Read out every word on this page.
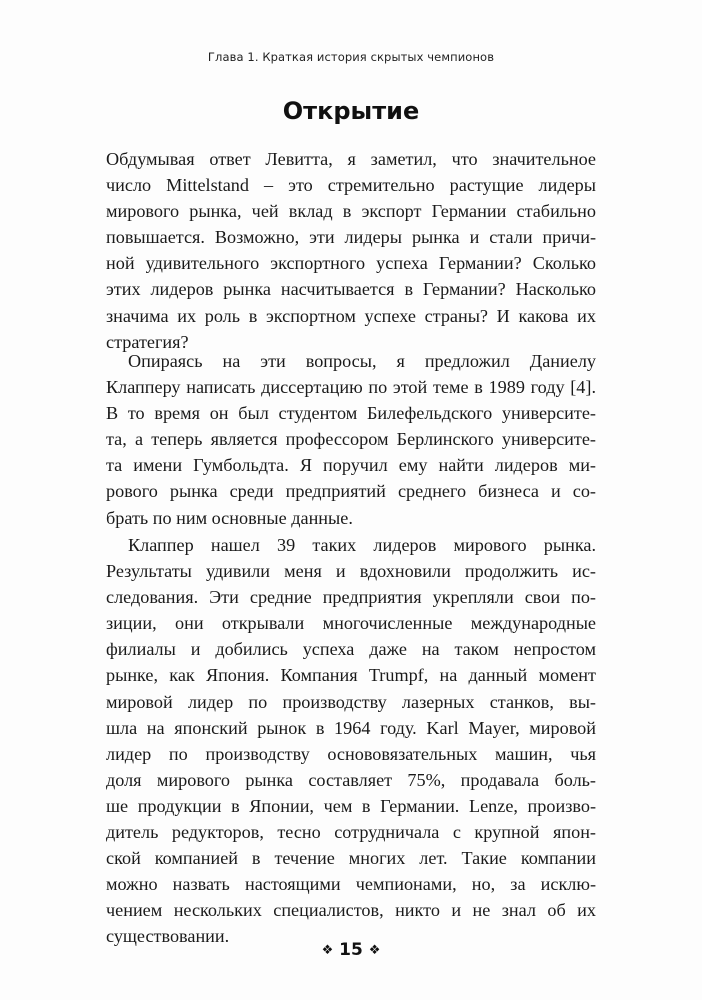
Глава 1. Краткая история скрытых чемпионов
Открытие
Обдумывая ответ Левитта, я заметил, что значительное
число Mittelstand – это стремительно растущие лидеры
мирового рынка, чей вклад в экспорт Германии стабильно
повышается. Возможно, эти лидеры рынка и стали причи-
ной удивительного экспортного успеха Германии? Сколько
этих лидеров рынка насчитывается в Германии? Насколько
значима их роль в экспортном успехе страны? И какова их
стратегия?
Опираясь на эти вопросы, я предложил Даниелу
Клапперу написать диссертацию по этой теме в 1989 году [4].
В то время он был студентом Билефельдского университе-
та, а теперь является профессором Берлинского университе-
та имени Гумбольдта. Я поручил ему найти лидеров ми-
рового рынка среди предприятий среднего бизнеса и со-
брать по ним основные данные.
Клаппер нашел 39 таких лидеров мирового рынка.
Результаты удивили меня и вдохновили продолжить ис-
следования. Эти средние предприятия укрепляли свои по-
зиции, они открывали многочисленные международные
филиалы и добились успеха даже на таком непростом
рынке, как Япония. Компания Trumpf, на данный момент
мировой лидер по производству лазерных станков, вы-
шла на японский рынок в 1964 году. Karl Mayer, мировой
лидер по производству основовязательных машин, чья
доля мирового рынка составляет 75%, продавала боль-
ше продукции в Японии, чем в Германии. Lenze, произво-
дитель редукторов, тесно сотрудничала с крупной япон-
ской компанией в течение многих лет. Такие компании
можно назвать настоящими чемпионами, но, за исклю-
чением нескольких специалистов, никто и не знал об их
существовании.
❖ 15 ❖
